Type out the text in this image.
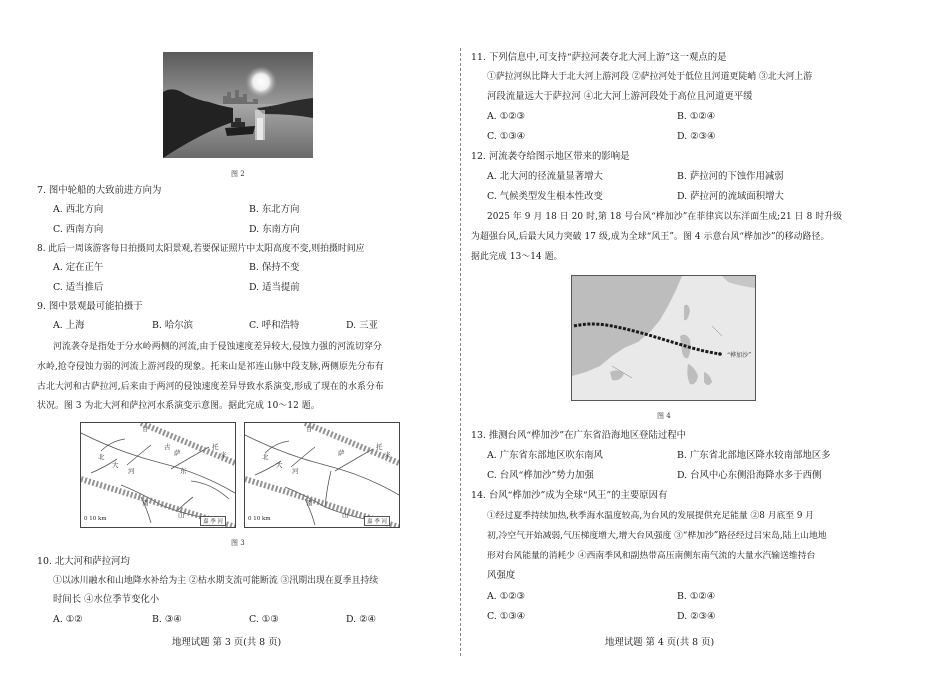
图 2
7. 图中轮船的大致前进方向为
A. 西北方向	B. 东北方向
C. 西南方向	D. 东南方向
8. 此后一周该游客每日拍摄同太阳景观,若要保证照片中太阳高度不变,则拍摄时间应
A. 定在正午	B. 保持不变
C. 适当推后	D. 适当提前
9. 图中景观最可能拍摄于
A. 上海	B. 哈尔滨	C. 呼和浩特	D. 三亚
河流袭夺是指处于分水岭两侧的河流,由于侵蚀速度差异较大,侵蚀力强的河流切穿分
水岭,抢夺侵蚀力弱的河流上游河段的现象。托来山是祁连山脉中段支脉,两侧原先分布有
古北大河和古萨拉河,后来由于两河的侵蚀速度差异导致水系演变,形成了现在的水系分布
状况。图 3 为北大河和萨拉河水系演变示意图。据此完成 10～12 题。
甘
北
大
河	东
南
山
古
萨
托
来
0 10 km	嘉 季 河
甘
北
大
河
萨
托
来
南
山
0 10 km	嘉 季 河
图 3
10. 北大河和萨拉河均
①以冰川融水和山地降水补给为主 ②枯水期支流可能断流 ③汛期出现在夏季且持续
时间长 ④水位季节变化小
A. ①②	B. ③④	C. ①③	D. ②④
地理试题 第 3 页(共 8 页)
11. 下列信息中,可支持“萨拉河袭夺北大河上游”这一观点的是
①萨拉河纵比降大于北大河上游河段 ②萨拉河处于低位且河道更陡峭 ③北大河上游
河段流量远大于萨拉河 ④北大河上游河段处于高位且河道更平缓
A. ①②③	B. ①②④
C. ①③④	D. ②③④
12. 河流袭夺给图示地区带来的影响是
A. 北大河的径流量显著增大	B. 萨拉河的下蚀作用减弱
C. 气候类型发生根本性改变	D. 萨拉河的流域面积增大
2025 年 9 月 18 日 20 时,第 18 号台风“桦加沙”在菲律宾以东洋面生成;21 日 8 时升级
为超强台风,后最大风力突破 17 级,成为全球“风王”。图 4 示意台风“桦加沙”的移动路径。
据此完成 13～14 题。
“桦加沙”
图 4
13. 推测台风“桦加沙”在广东省沿海地区登陆过程中
A. 广东省东部地区吹东南风	B. 广东省北部地区降水较南部地区多
C. 台风“桦加沙”势力加强	D. 台风中心东侧沿海降水多于西侧
14. 台风“桦加沙”成为全球“风王”的主要原因有
①经过夏季持续加热,秋季海水温度较高,为台风的发展提供充足能量 ②8 月底至 9 月
初,冷空气开始减弱,气压梯度增大,增大台风强度 ③“桦加沙”路径经过吕宋岛,陆上山地地
形对台风能量的消耗少 ④西南季风和副热带高压南侧东南气流的大量水汽输送维持台
风强度
A. ①②③	B. ①②④
C. ①③④	D. ②③④
地理试题 第 4 页(共 8 页)
